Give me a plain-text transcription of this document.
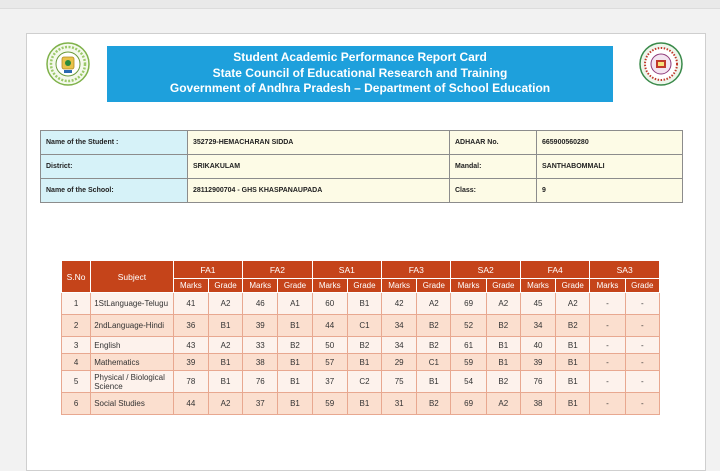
Student Academic Performance Report Card
State Council of Educational Research and Training
Government of Andhra Pradesh – Department of School Education
Name of the Student :	352729-HEMACHARAN SIDDA	ADHAAR No.	665900560280
District:	SRIKAKULAM	Mandal:	SANTHABOMMALI
Name of the School:	28112900704 - GHS KHASPANAUPADA	Class:	9
S.No	Subject	FA1		FA2		SA1		FA3		SA2		FA4		SA3	
		Marks	Grade	Marks	Grade	Marks	Grade	Marks	Grade	Marks	Grade	Marks	Grade	Marks	Grade
1	1StLanguage-Telugu	41	A2	46	A1	60	B1	42	A2	69	A2	45	A2	-	-
2	2ndLanguage-Hindi	36	B1	39	B1	44	C1	34	B2	52	B2	34	B2	-	-
3	English	43	A2	33	B2	50	B2	34	B2	61	B1	40	B1	-	-
4	Mathematics	39	B1	38	B1	57	B1	29	C1	59	B1	39	B1	-	-
5	Physical / Biological Science	78	B1	76	B1	37	C2	75	B1	54	B2	76	B1	-	-
6	Social Studies	44	A2	37	B1	59	B1	31	B2	69	A2	38	B1	-	-
